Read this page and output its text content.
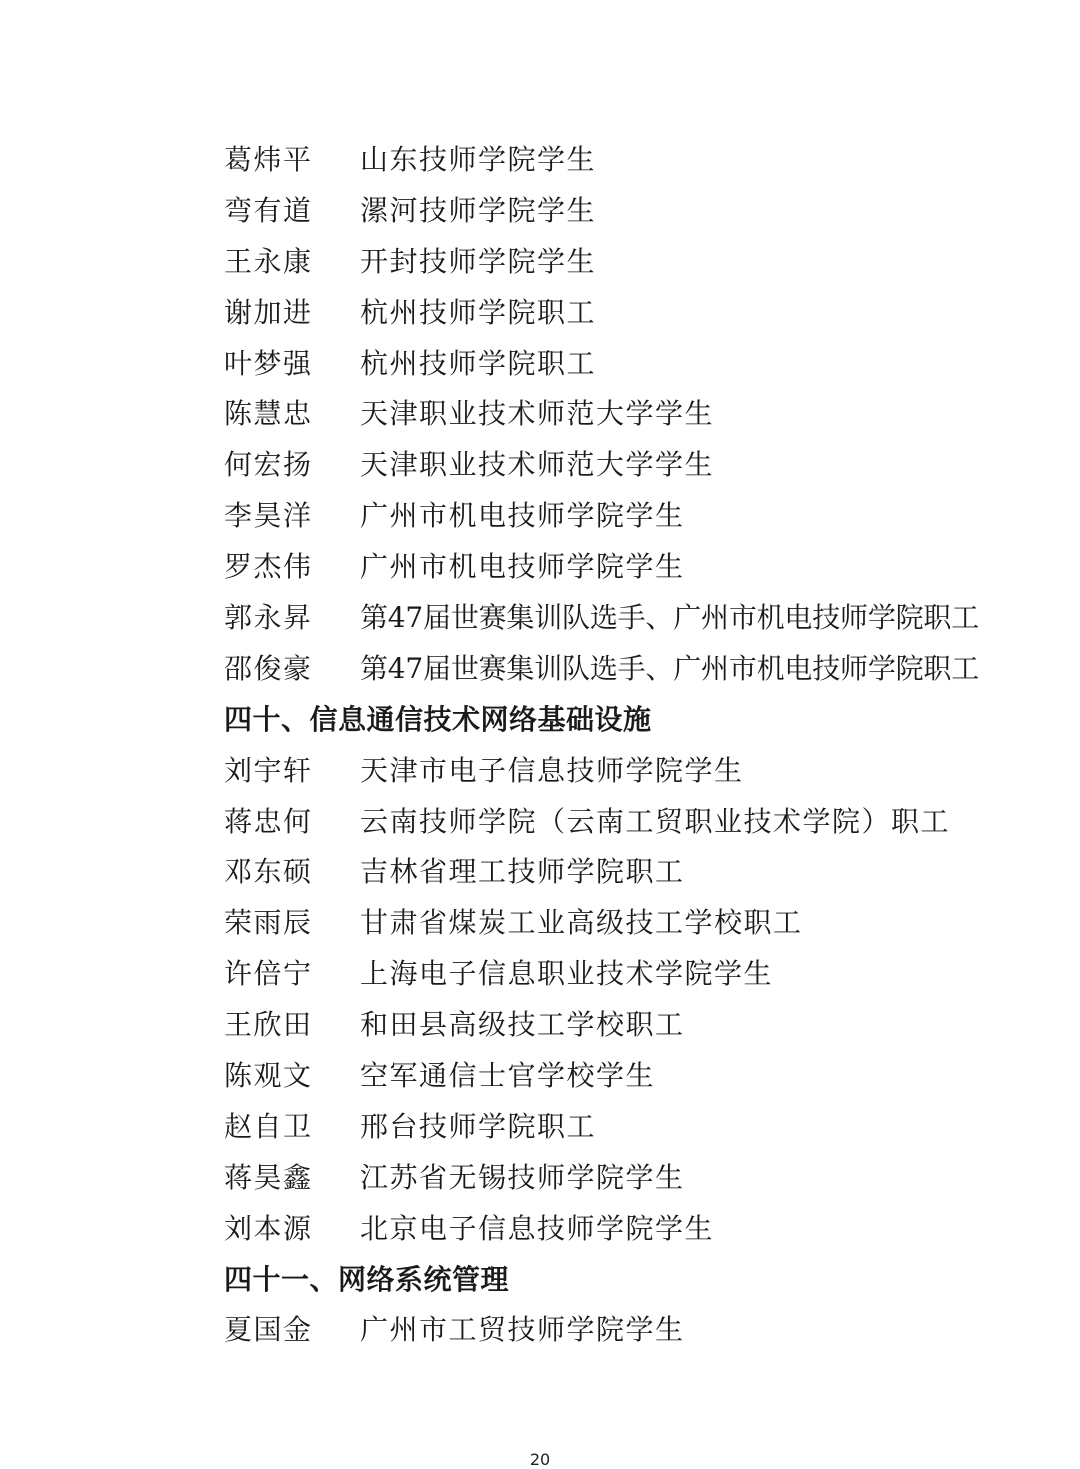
葛炜平 山东技师学院学生
弯有道 漯河技师学院学生
王永康 开封技师学院学生
谢加进 杭州技师学院职工
叶梦强 杭州技师学院职工
陈慧忠 天津职业技术师范大学学生
何宏扬 天津职业技术师范大学学生
李昊洋 广州市机电技师学院学生
罗杰伟 广州市机电技师学院学生
郭永昇 第47届世赛集训队选手、广州市机电技师学院职工
邵俊豪 第47届世赛集训队选手、广州市机电技师学院职工
四十、信息通信技术网络基础设施
刘宇轩 天津市电子信息技师学院学生
蒋忠何 云南技师学院（云南工贸职业技术学院）职工
邓东硕 吉林省理工技师学院职工
荣雨辰 甘肃省煤炭工业高级技工学校职工
许倍宁 上海电子信息职业技术学院学生
王欣田 和田县高级技工学校职工
陈观文 空军通信士官学校学生
赵自卫 邢台技师学院职工
蒋昊鑫 江苏省无锡技师学院学生
刘本源 北京电子信息技师学院学生
四十一、网络系统管理
夏国金 广州市工贸技师学院学生
20
